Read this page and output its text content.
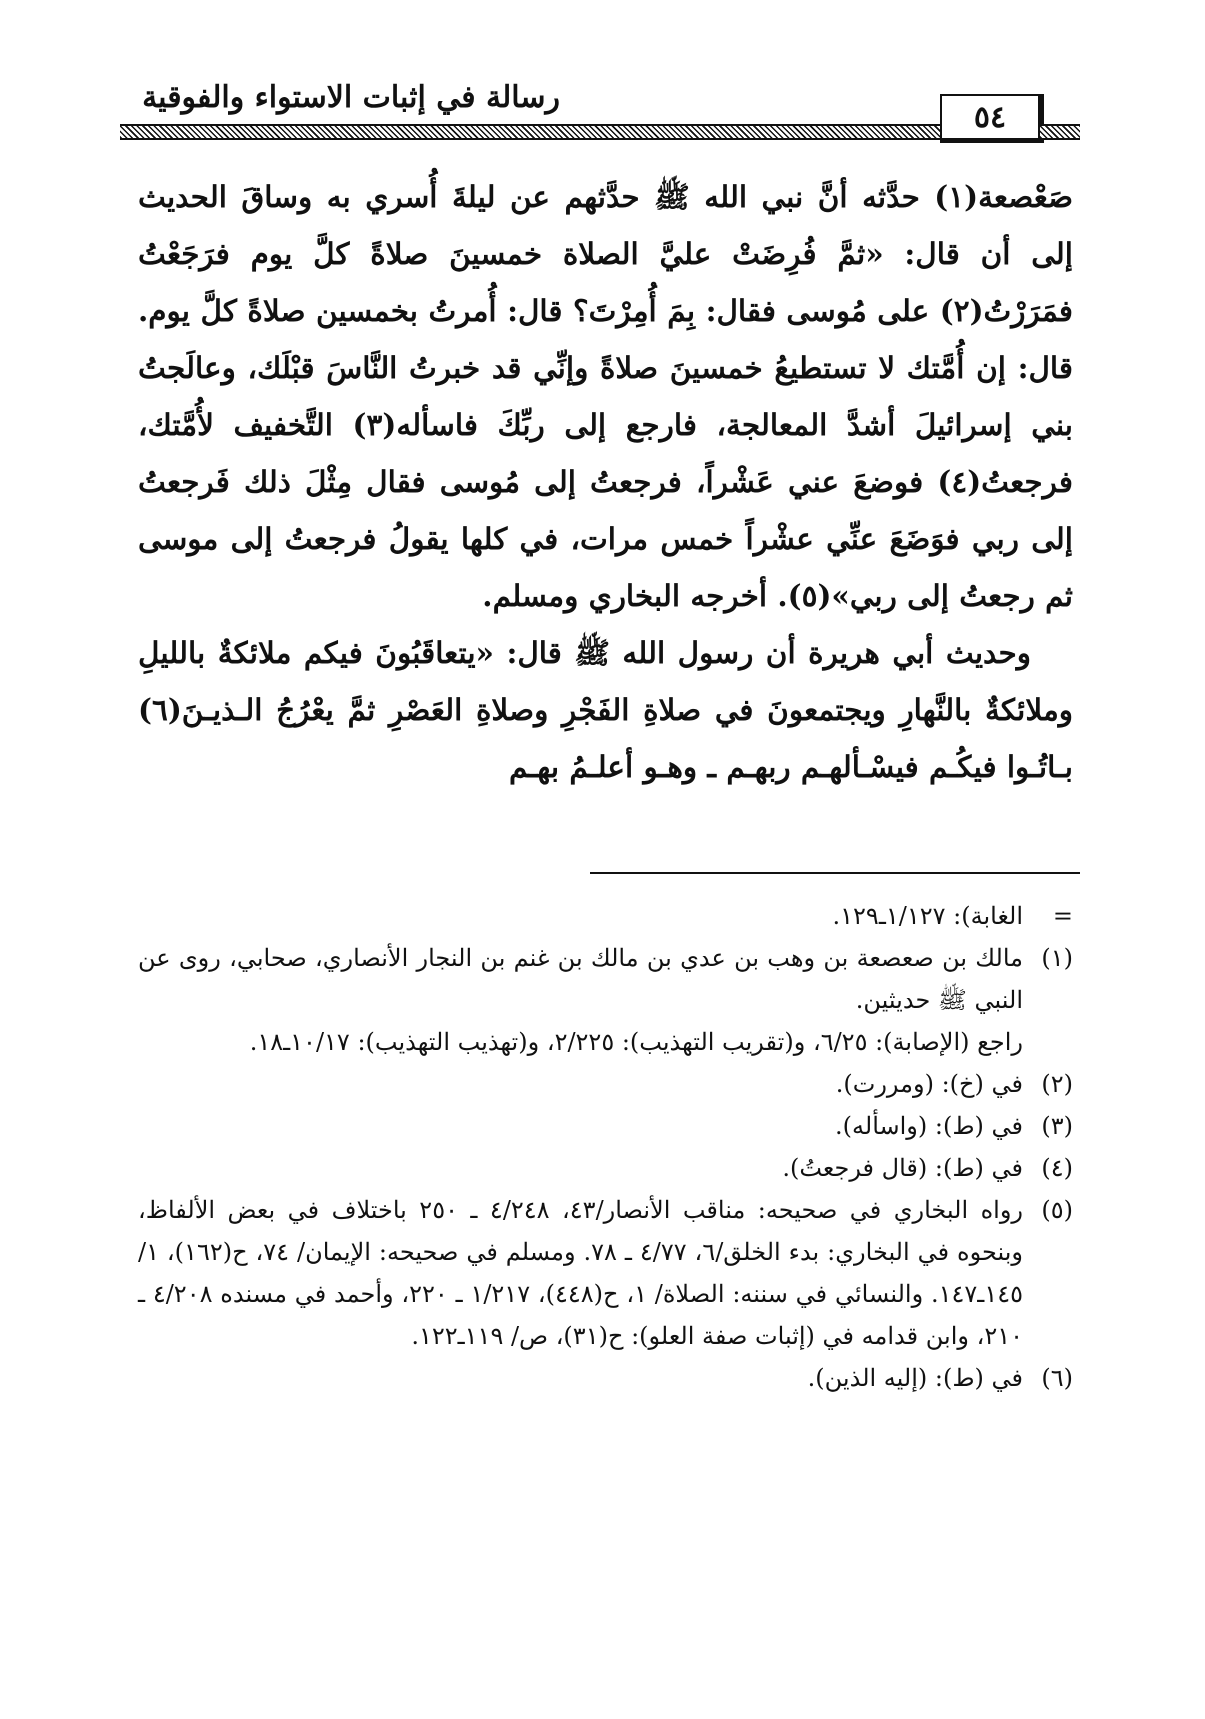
رسالة في إثبات الاستواء والفوقية
٥٤

صَعْصعة(١) حدَّثه أنَّ نبي الله ﷺ حدَّثهم عن ليلةَ أُسري به وساقَ الحديث إلى أن قال: «ثمَّ فُرِضَتْ عليَّ الصلاة خمسينَ صلاةً كلَّ يوم فرَجَعْتُ فمَرَرْتُ(٢) على مُوسى فقال: بِمَ أُمِرْتَ؟ قال: أُمرتُ بخمسين صلاةً كلَّ يوم. قال: إن أُمَّتك لا تستطيعُ خمسينَ صلاةً وإنِّي قد خبرتُ النَّاسَ قبْلَك، وعالَجتُ بني إسرائيلَ أشدَّ المعالجة، فارجع إلى ربِّكَ فاسأله(٣) التَّخفيف لأُمَّتك، فرجعتُ(٤) فوضعَ عني عَشْراً، فرجعتُ إلى مُوسى فقال مِثْلَ ذلك فَرجعتُ إلى ربي فوَضَعَ عنِّي عشْراً خمس مرات، في كلها يقولُ فرجعتُ إلى موسى ثم رجعتُ إلى ربي»(٥). أخرجه البخاري ومسلم.

وحديث أبي هريرة أن رسول الله ﷺ قال: «يتعاقَبُونَ فيكم ملائكةٌ بالليلِ وملائكةٌ بالنَّهارِ ويجتمعونَ في صلاةِ الفَجْرِ وصلاةِ العَصْرِ ثمَّ يعْرُجُ الـذيـنَ(٦) بـاتُـوا فيكُـم فيسْـألهـم ربهـم ـ وهـو أعلـمُ بهـم

=
الغابة): ١/١٢٧ـ١٢٩.
(١)
مالك بن صعصعة بن وهب بن عدي بن مالك بن غنم بن النجار الأنصاري، صحابي، روى عن النبي ﷺ حديثين.
راجع (الإصابة): ٦/٢٥، و(تقريب التهذيب): ٢/٢٢٥، و(تهذيب التهذيب): ١٠/١٧ـ١٨.
(٢)
في (خ): (ومررت).
(٣)
في (ط): (واسأله).
(٤)
في (ط): (قال فرجعتُ).
(٥)
رواه البخاري في صحيحه: مناقب الأنصار/٤٣، ٤/٢٤٨ ـ ٢٥٠ باختلاف في بعض الألفاظ، وبنحوه في البخاري: بدء الخلق/٦، ٤/٧٧ ـ ٧٨. ومسلم في صحيحه: الإيمان/ ٧٤، ح(١٦٢)، ١/ ١٤٥ـ١٤٧. والنسائي في سننه: الصلاة/ ١، ح(٤٤٨)، ١/٢١٧ ـ ٢٢٠، وأحمد في مسنده ٤/٢٠٨ ـ ٢١٠، وابن قدامه في (إثبات صفة العلو): ح(٣١)، ص/ ١١٩ـ١٢٢.
(٦)
في (ط): (إليه الذين).
